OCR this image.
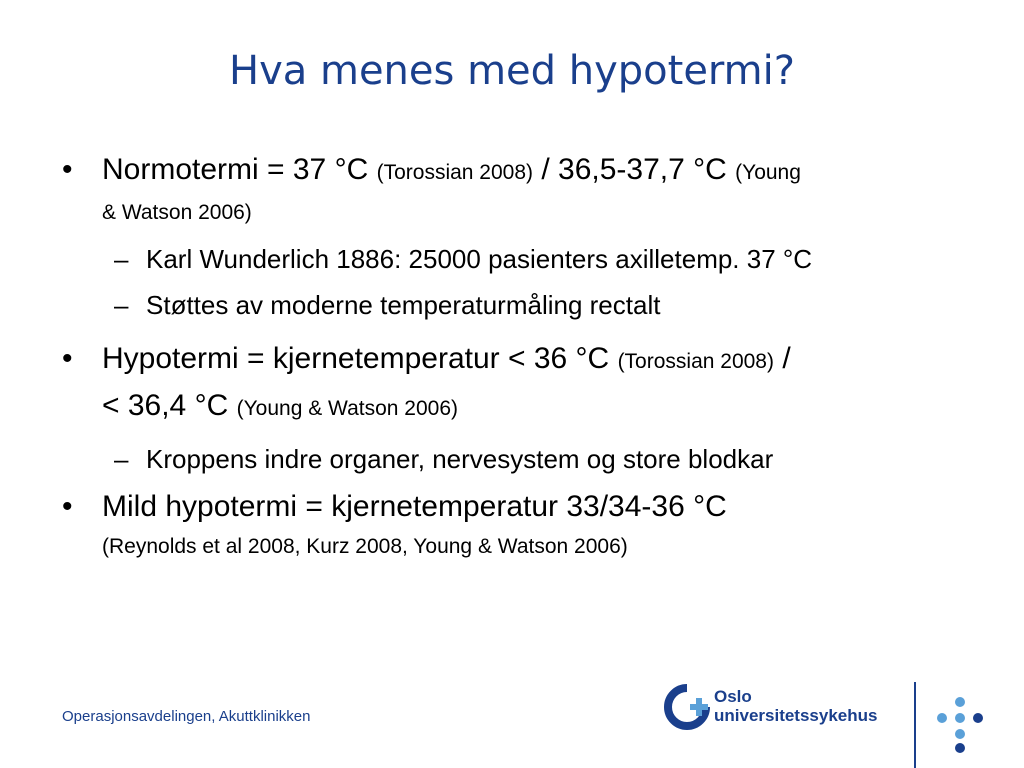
Hva menes med hypotermi?
• Normotermi = 37 °C (Torossian 2008) / 36,5-37,7 °C (Young
& Watson 2006)
– Karl Wunderlich 1886: 25000 pasienters axilletemp. 37 °C
– Støttes av moderne temperaturmåling rectalt
• Hypotermi = kjernetemperatur < 36 °C (Torossian 2008) /
< 36,4 °C (Young & Watson 2006)
– Kroppens indre organer, nervesystem og store blodkar
• Mild hypotermi = kjernetemperatur 33/34-36 °C
(Reynolds et al 2008, Kurz 2008, Young & Watson 2006)
Operasjonsavdelingen, Akuttklinikken
Oslo
universitetssykehus
